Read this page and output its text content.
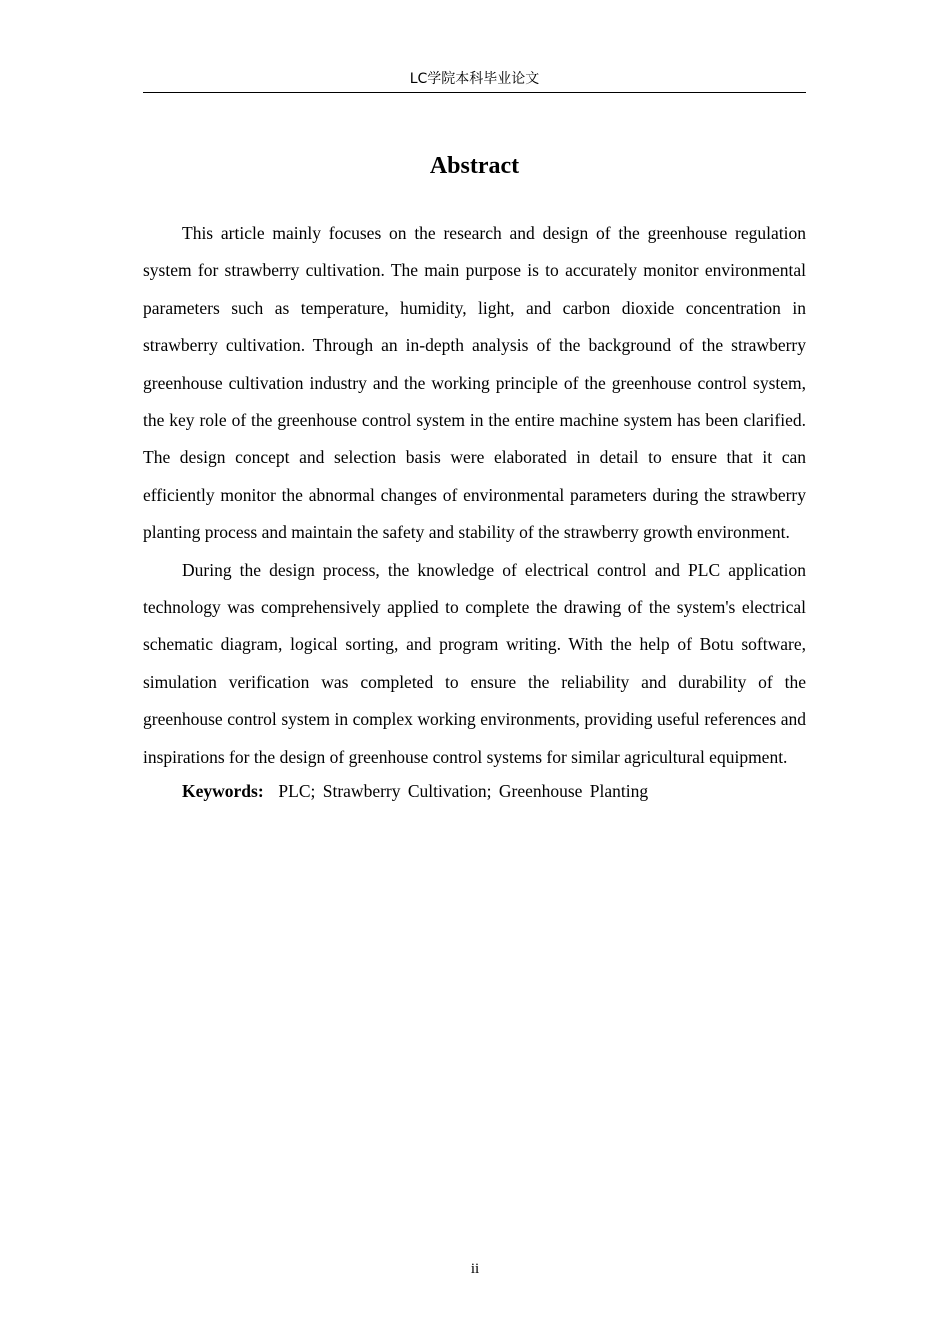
LC学院本科毕业论文
Abstract

This article mainly focuses on the research and design of the greenhouse regulation system for strawberry cultivation. The main purpose is to accurately monitor environmental parameters such as temperature, humidity, light, and carbon dioxide concentration in strawberry cultivation. Through an in-depth analysis of the background of the strawberry greenhouse cultivation industry and the working principle of the greenhouse control system, the key role of the greenhouse control system in the entire machine system has been clarified. The design concept and selection basis were elaborated in detail to ensure that it can efficiently monitor the abnormal changes of environmental parameters during the strawberry planting process and maintain the safety and stability of the strawberry growth environment.

During the design process, the knowledge of electrical control and PLC application technology was comprehensively applied to complete the drawing of the system's electrical schematic diagram, logical sorting, and program writing. With the help of Botu software, simulation verification was completed to ensure the reliability and durability of the greenhouse control system in complex working environments, providing useful references and inspirations for the design of greenhouse control systems for similar agricultural equipment.

Keywords: PLC; Strawberry Cultivation; Greenhouse Planting

ii
